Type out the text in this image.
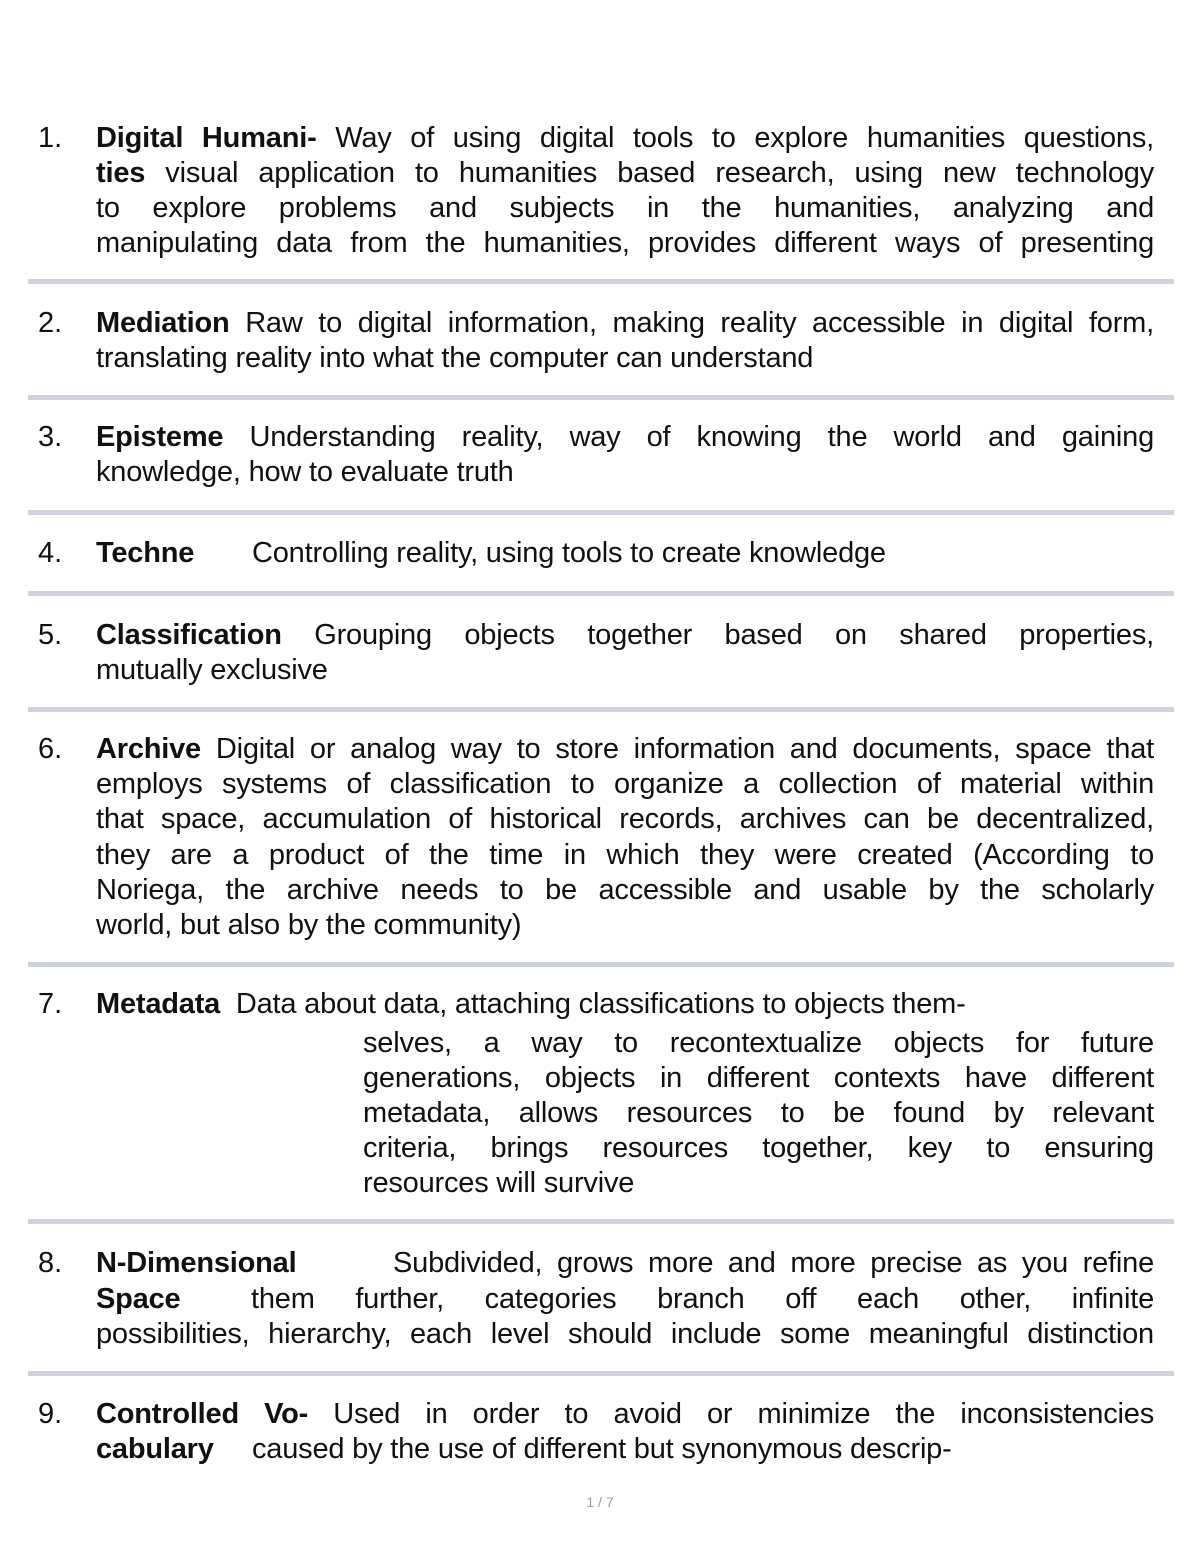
1. Digital Humani- Way of using digital tools to explore humanities questions,
ties visual application to humanities based research, using new technology
to explore problems and subjects in the humanities, analyzing and
manipulating data from the humanities, provides different ways of presenting
2. Mediation Raw to digital information, making reality accessible in digital form,
translating reality into what the computer can understand
3. Episteme Understanding reality, way of knowing the world and gaining
knowledge, how to evaluate truth
4. Techne Controlling reality, using tools to create knowledge
5. Classification Grouping objects together based on shared properties,
mutually exclusive
6. Archive Digital or analog way to store information and documents, space that
employs systems of classification to organize a collection of material within
that space, accumulation of historical records, archives can be decentralized,
they are a product of the time in which they were created (According to
Noriega, the archive needs to be accessible and usable by the scholarly
world, but also by the community)
7. Metadata Data about data, attaching classifications to objects them-
selves, a way to recontextualize objects for future
generations, objects in different contexts have different
metadata, allows resources to be found by relevant
criteria, brings resources together, key to ensuring
resources will survive
8. N-Dimensional	Subdivided, grows more and more precise as you refine
Space them further, categories branch off each other, infinite
possibilities, hierarchy, each level should include some meaningful distinction
9. Controlled Vo- Used in order to avoid or minimize the inconsistencies
cabulary caused by the use of different but synonymous descrip-
1 / 7
